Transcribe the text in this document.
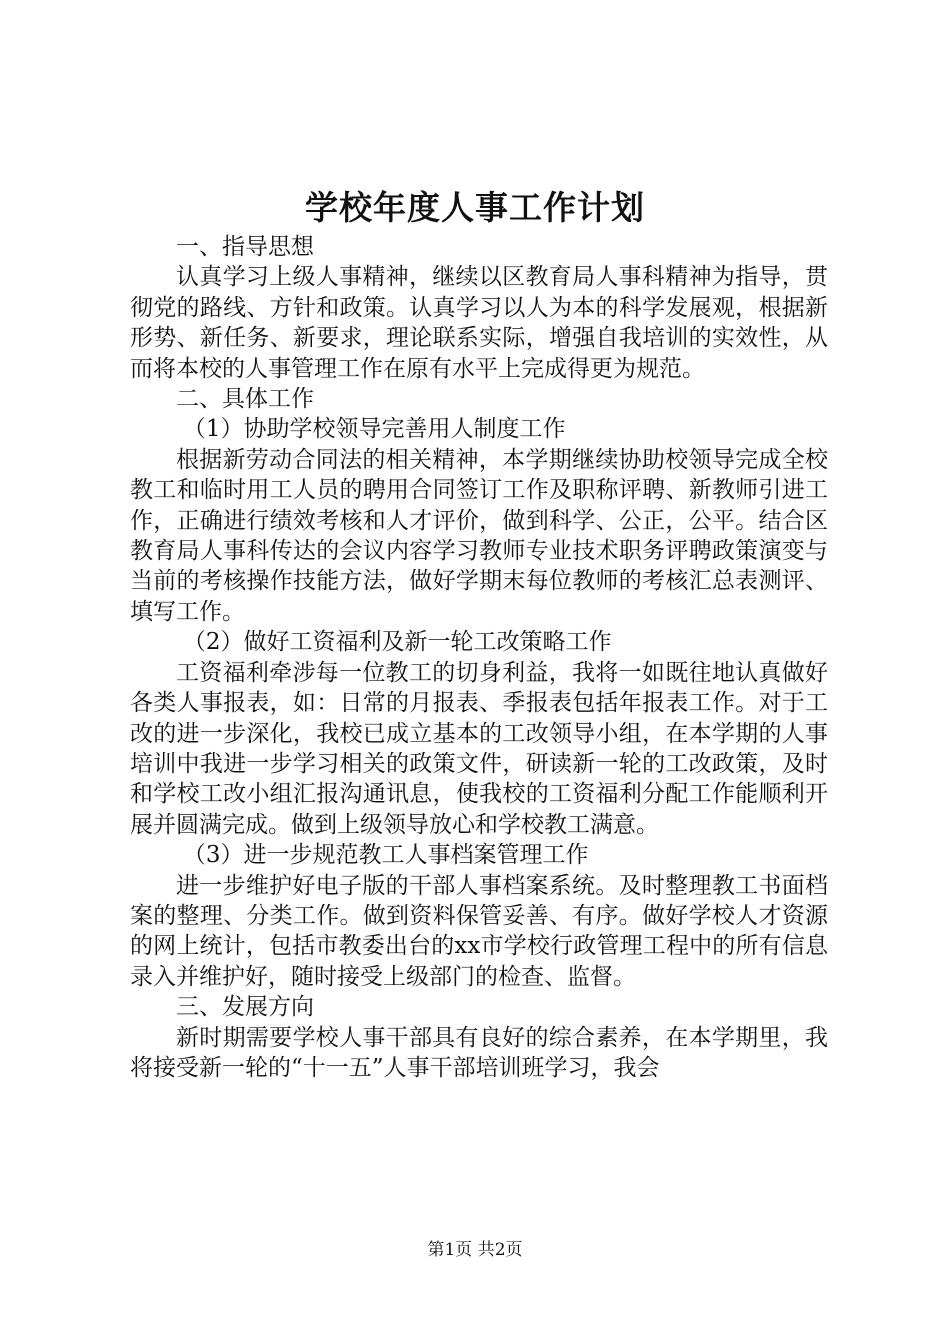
学校年度人事工作计划

一、指导思想

认真学习上级人事精神，继续以区教育局人事科精神为指导，贯彻党的路线、方针和政策。认真学习以人为本的科学发展观，根据新形势、新任务、新要求，理论联系实际，增强自我培训的实效性，从而将本校的人事管理工作在原有水平上完成得更为规范。

二、具体工作

（1）协助学校领导完善用人制度工作

根据新劳动合同法的相关精神，本学期继续协助校领导完成全校教工和临时用工人员的聘用合同签订工作及职称评聘、新教师引进工作，正确进行绩效考核和人才评价，做到科学、公正，公平。结合区教育局人事科传达的会议内容学习教师专业技术职务评聘政策演变与当前的考核操作技能方法，做好学期末每位教师的考核汇总表测评、填写工作。

（2）做好工资福利及新一轮工改策略工作

工资福利牵涉每一位教工的切身利益，我将一如既往地认真做好各类人事报表，如：日常的月报表、季报表包括年报表工作。对于工改的进一步深化，我校已成立基本的工改领导小组，在本学期的人事培训中我进一步学习相关的政策文件，研读新一轮的工改政策，及时和学校工改小组汇报沟通讯息，使我校的工资福利分配工作能顺利开展并圆满完成。做到上级领导放心和学校教工满意。

（3）进一步规范教工人事档案管理工作

进一步维护好电子版的干部人事档案系统。及时整理教工书面档案的整理、分类工作。做到资料保管妥善、有序。做好学校人才资源的网上统计，包括市教委出台的xx市学校行政管理工程中的所有信息录入并维护好，随时接受上级部门的检查、监督。

三、发展方向

新时期需要学校人事干部具有良好的综合素养，在本学期里，我将接受新一轮的“十一五”人事干部培训班学习，我会

第1页 共2页
